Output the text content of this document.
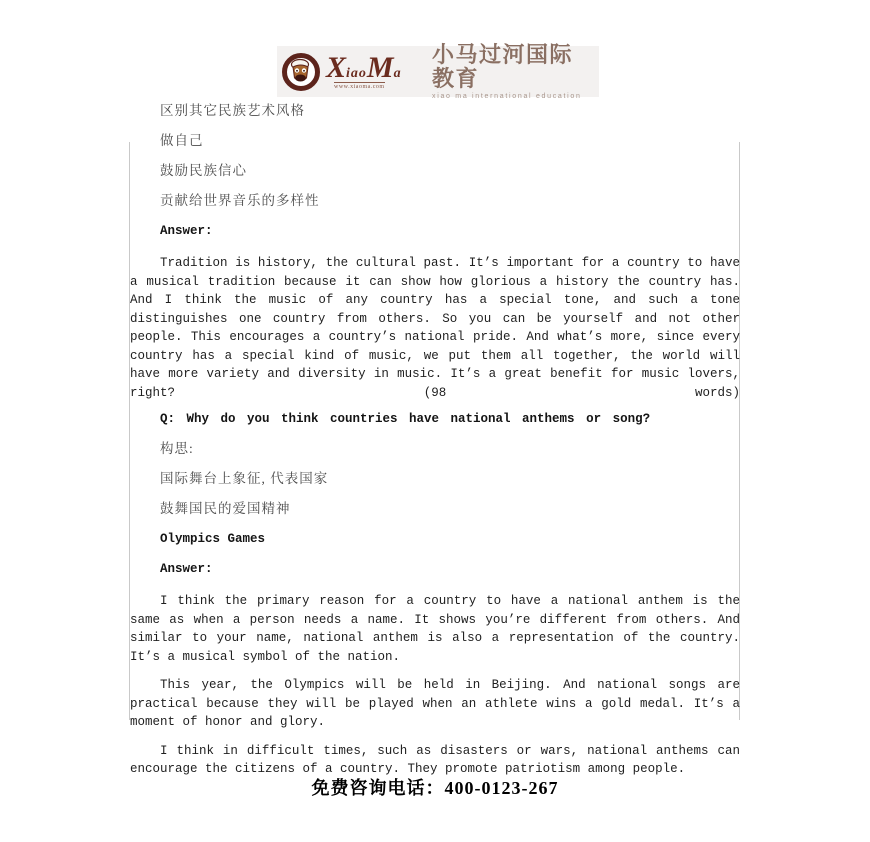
XiaoMa
www.xiaoma.com
小马过河国际教育
xiao ma international education

区别其它民族艺术风格

做自己

鼓励民族信心

贡献给世界音乐的多样性

Answer:

Tradition is history, the cultural past. It’s important for a country to have a musical tradition because it can show how glorious a history the country has. And I think the music of any country has a special tone, and such a tone distinguishes one country from others. So you can be yourself and not other people. This encourages a country’s national pride. And what’s more, since every country has a special kind of music, we put them all together, the world will have more variety and diversity in music. It’s a great benefit for music lovers, right? (98 words)

Q: Why do you think countries have national anthems or song?

构思:

国际舞台上象征, 代表国家

鼓舞国民的爱国精神

Olympics Games

Answer:

I think the primary reason for a country to have a national anthem is the same as when a person needs a name. It shows you’re different from others. And similar to your name, national anthem is also a representation of the country. It’s a musical symbol of the nation.

This year, the Olympics will be held in Beijing. And national songs are practical because they will be played when an athlete wins a gold medal. It’s a moment of honor and glory.

I think in difficult times, such as disasters or wars, national anthems can encourage the citizens of a country. They promote patriotism among people.

免费咨询电话：400-0123-267
